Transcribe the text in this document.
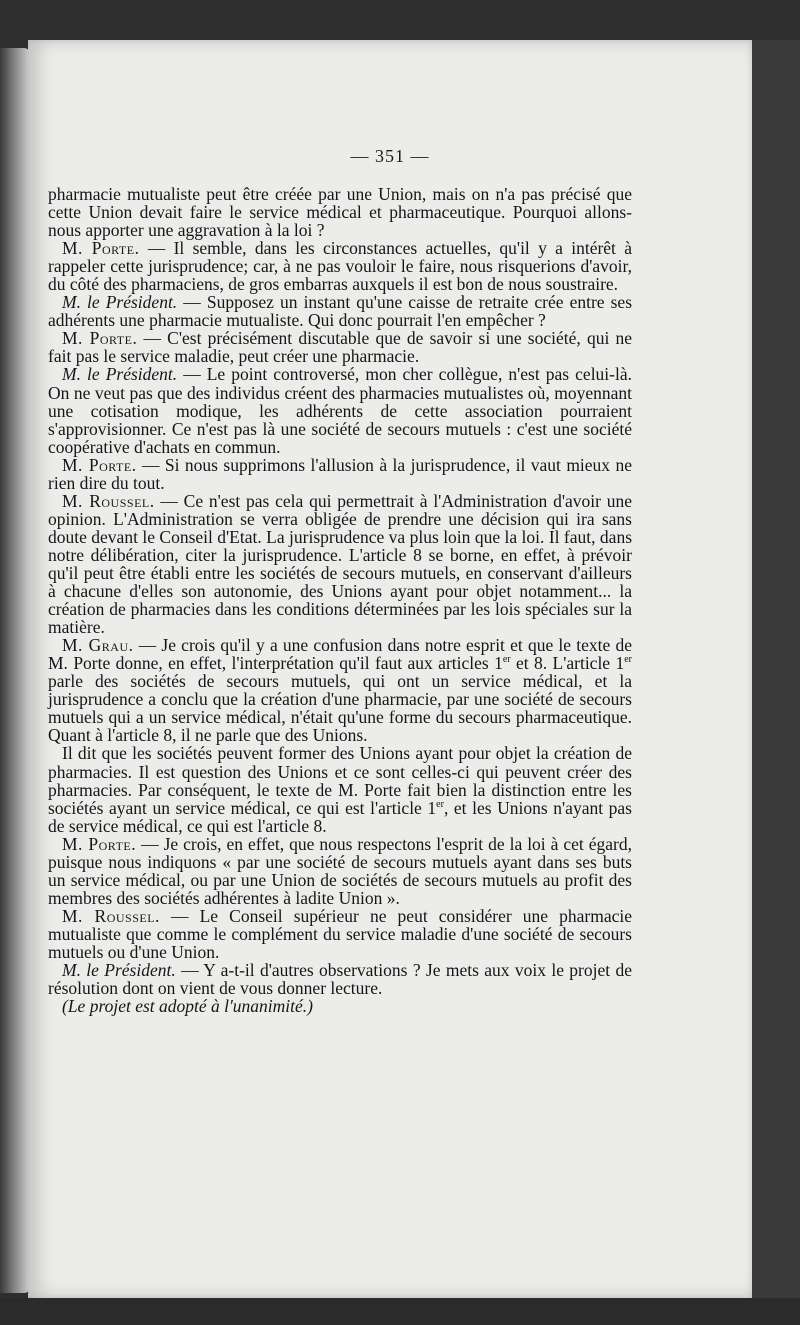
— 351 —

pharmacie mutualiste peut être créée par une Union, mais on n'a pas précisé que cette Union devait faire le service médical et pharmaceutique. Pourquoi allons-nous apporter une aggravation à la loi ?

M. Porte. — Il semble, dans les circonstances actuelles, qu'il y a intérêt à rappeler cette jurisprudence; car, à ne pas vouloir le faire, nous risquerions d'avoir, du côté des pharmaciens, de gros embarras auxquels il est bon de nous soustraire.

M. le Président. — Supposez un instant qu'une caisse de retraite crée entre ses adhérents une pharmacie mutualiste. Qui donc pourrait l'en empêcher ?

M. Porte. — C'est précisément discutable que de savoir si une société, qui ne fait pas le service maladie, peut créer une pharmacie.

M. le Président. — Le point controversé, mon cher collègue, n'est pas celui-là. On ne veut pas que des individus créent des pharmacies mutualistes où, moyennant une cotisation modique, les adhérents de cette association pourraient s'approvisionner. Ce n'est pas là une société de secours mutuels : c'est une société coopérative d'achats en commun.

M. Porte. — Si nous supprimons l'allusion à la jurisprudence, il vaut mieux ne rien dire du tout.

M. Roussel. — Ce n'est pas cela qui permettrait à l'Administration d'avoir une opinion. L'Administration se verra obligée de prendre une décision qui ira sans doute devant le Conseil d'Etat. La jurisprudence va plus loin que la loi. Il faut, dans notre délibération, citer la jurisprudence. L'article 8 se borne, en effet, à prévoir qu'il peut être établi entre les sociétés de secours mutuels, en conservant d'ailleurs à chacune d'elles son autonomie, des Unions ayant pour objet notamment... la création de pharmacies dans les conditions déterminées par les lois spéciales sur la matière.

M. Grau. — Je crois qu'il y a une confusion dans notre esprit et que le texte de M. Porte donne, en effet, l'interprétation qu'il faut aux articles 1er et 8. L'article 1er parle des sociétés de secours mutuels, qui ont un service médical, et la jurisprudence a conclu que la création d'une pharmacie, par une société de secours mutuels qui a un service médical, n'était qu'une forme du secours pharmaceutique. Quant à l'article 8, il ne parle que des Unions.

Il dit que les sociétés peuvent former des Unions ayant pour objet la création de pharmacies. Il est question des Unions et ce sont celles-ci qui peuvent créer des pharmacies. Par conséquent, le texte de M. Porte fait bien la distinction entre les sociétés ayant un service médical, ce qui est l'article 1er, et les Unions n'ayant pas de service médical, ce qui est l'article 8.

M. Porte. — Je crois, en effet, que nous respectons l'esprit de la loi à cet égard, puisque nous indiquons « par une société de secours mutuels ayant dans ses buts un service médical, ou par une Union de sociétés de secours mutuels au profit des membres des sociétés adhérentes à ladite Union ».

M. Roussel. — Le Conseil supérieur ne peut considérer une pharmacie mutualiste que comme le complément du service maladie d'une société de secours mutuels ou d'une Union.

M. le Président. — Y a-t-il d'autres observations ? Je mets aux voix le projet de résolution dont on vient de vous donner lecture.

(Le projet est adopté à l'unanimité.)
